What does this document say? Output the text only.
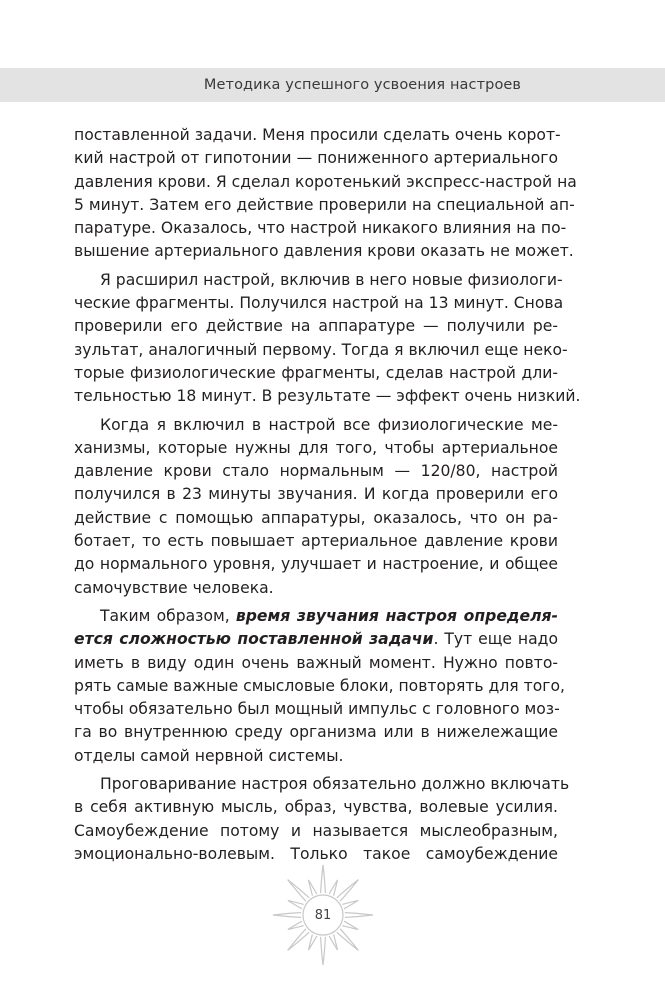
Методика успешного усвоения настроев

поставленной задачи. Меня просили сделать очень корот-
кий настрой от гипотонии — пониженного артериального
давления крови. Я сделал коротенький экспресс-настрой на
5 минут. Затем его действие проверили на специальной ап-
паратуре. Оказалось, что настрой никакого влияния на по-
вышение артериального давления крови оказать не может.

Я расширил настрой, включив в него новые физиологи-
ческие фрагменты. Получился настрой на 13 минут. Снова
проверили его действие на аппаратуре — получили ре-
зультат, аналогичный первому. Тогда я включил еще неко-
торые физиологические фрагменты, сделав настрой дли-
тельностью 18 минут. В результате — эффект очень низкий.

Когда я включил в настрой все физиологические ме-
ханизмы, которые нужны для того, чтобы артериальное
давление крови стало нормальным — 120/80, настрой
получился в 23 минуты звучания. И когда проверили его
действие с помощью аппаратуры, оказалось, что он ра-
ботает, то есть повышает артериальное давление крови
до нормального уровня, улучшает и настроение, и общее
самочувствие человека.

Таким образом, время звучания настроя определя-
ется сложностью поставленной задачи. Тут еще надо
иметь в виду один очень важный момент. Нужно повто-
рять самые важные смысловые блоки, повторять для того,
чтобы обязательно был мощный импульс с головного моз-
га во внутреннюю среду организма или в нижележащие
отделы самой нервной системы.

Проговаривание настроя обязательно должно включать
в себя активную мысль, образ, чувства, волевые усилия.
Самоубеждение потому и называется мыслеобразным,
эмоционально-волевым. Только такое самоубеждение

81
